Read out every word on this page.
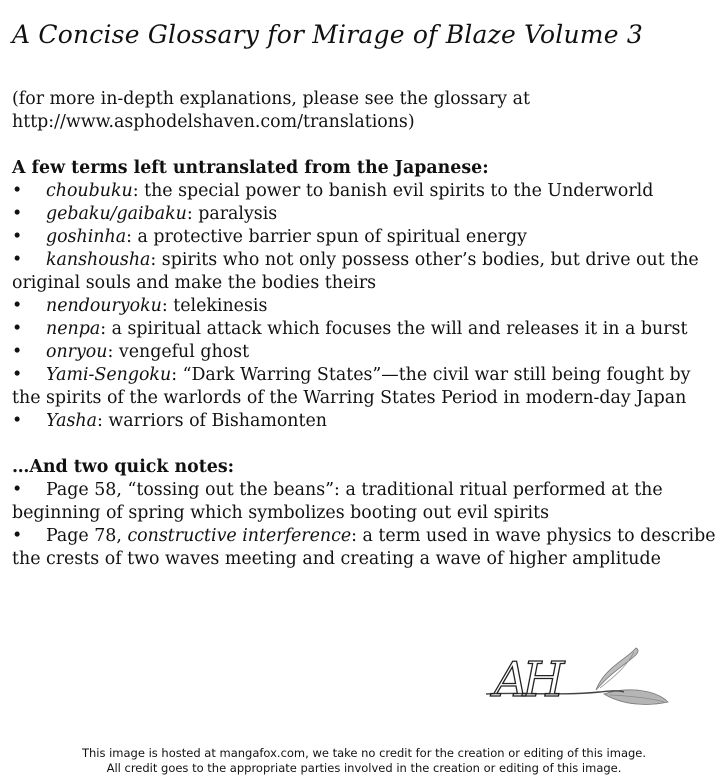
A Concise Glossary for Mirage of Blaze Volume 3

(for more in-depth explanations, please see the glossary at

http://www.asphodelshaven.com/translations)

A few terms left untranslated from the Japanese:

• choubuku: the special power to banish evil spirits to the Underworld
• gebaku/gaibaku: paralysis
• goshinha: a protective barrier spun of spiritual energy
• kanshousha: spirits who not only possess other’s bodies, but drive out the original souls and make the bodies theirs
• nendouryoku: telekinesis
• nenpa: a spiritual attack which focuses the will and releases it in a burst
• onryou: vengeful ghost
• Yami-Sengoku: “Dark Warring States”—the civil war still being fought by the spirits of the warlords of the Warring States Period in modern-day Japan
• Yasha: warriors of Bishamonten

…And two quick notes:

• Page 58, “tossing out the beans”: a traditional ritual performed at the beginning of spring which symbolizes booting out evil spirits
• Page 78, constructive interference: a term used in wave physics to describe the crests of two waves meeting and creating a wave of higher amplitude
AH

This image is hosted at mangafox.com, we take no credit for the creation or editing of this image.

All credit goes to the appropriate parties involved in the creation or editing of this image.
